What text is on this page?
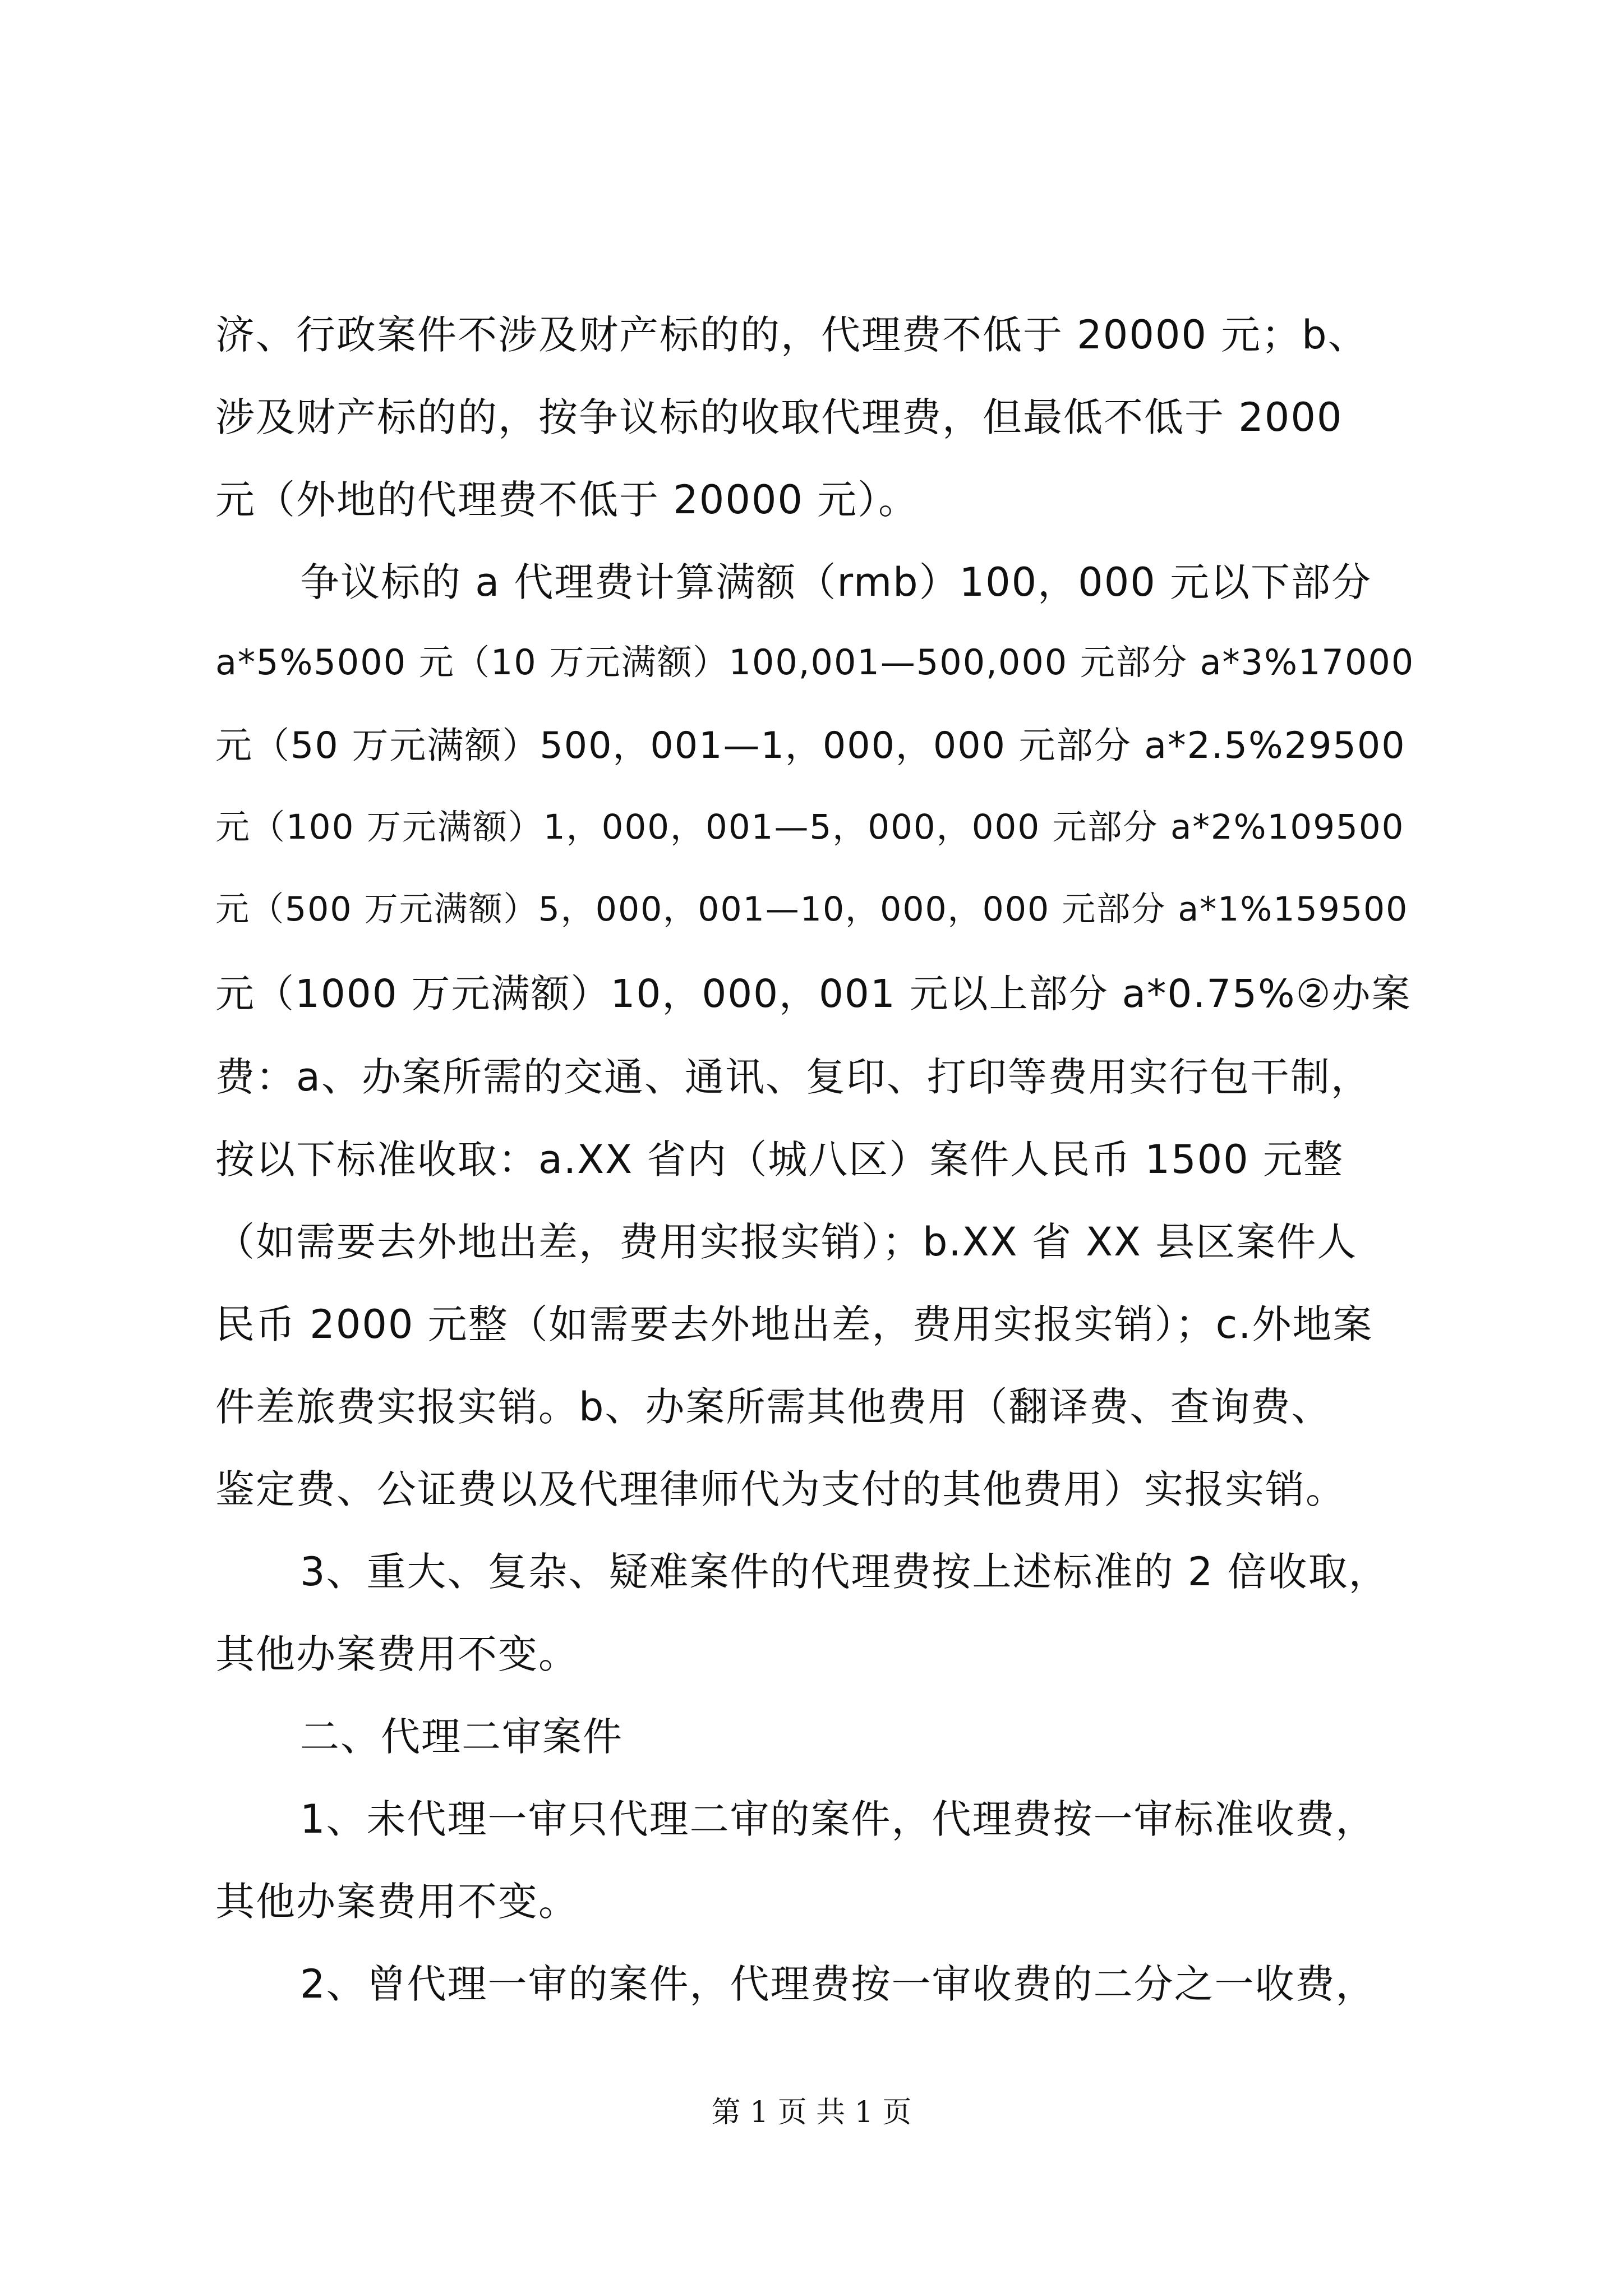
济、行政案件不涉及财产标的的，代理费不低于 20000 元；b、
涉及财产标的的，按争议标的收取代理费，但最低不低于 2000
元（外地的代理费不低于 20000 元）。
争议标的 a 代理费计算满额（rmb）100，000 元以下部分
a*5%5000 元（10 万元满额）100,001—500,000 元部分 a*3%17000
元（50 万元满额）500，001—1，000，000 元部分 a*2.5%29500
元（100 万元满额）1，000，001—5，000，000 元部分 a*2%109500
元（500 万元满额）5，000，001—10，000，000 元部分 a*1%159500
元（1000 万元满额）10，000，001 元以上部分 a*0.75%②办案
费：a、办案所需的交通、通讯、复印、打印等费用实行包干制，
按以下标准收取：a.XX 省内（城八区）案件人民币 1500 元整
（如需要去外地出差，费用实报实销）；b.XX 省 XX 县区案件人
民币 2000 元整（如需要去外地出差，费用实报实销）；c.外地案
件差旅费实报实销。b、办案所需其他费用（翻译费、查询费、
鉴定费、公证费以及代理律师代为支付的其他费用）实报实销。
3、重大、复杂、疑难案件的代理费按上述标准的 2 倍收取，
其他办案费用不变。
二、代理二审案件
1、未代理一审只代理二审的案件，代理费按一审标准收费，
其他办案费用不变。
2、曾代理一审的案件，代理费按一审收费的二分之一收费，
第 1 页 共 1 页
